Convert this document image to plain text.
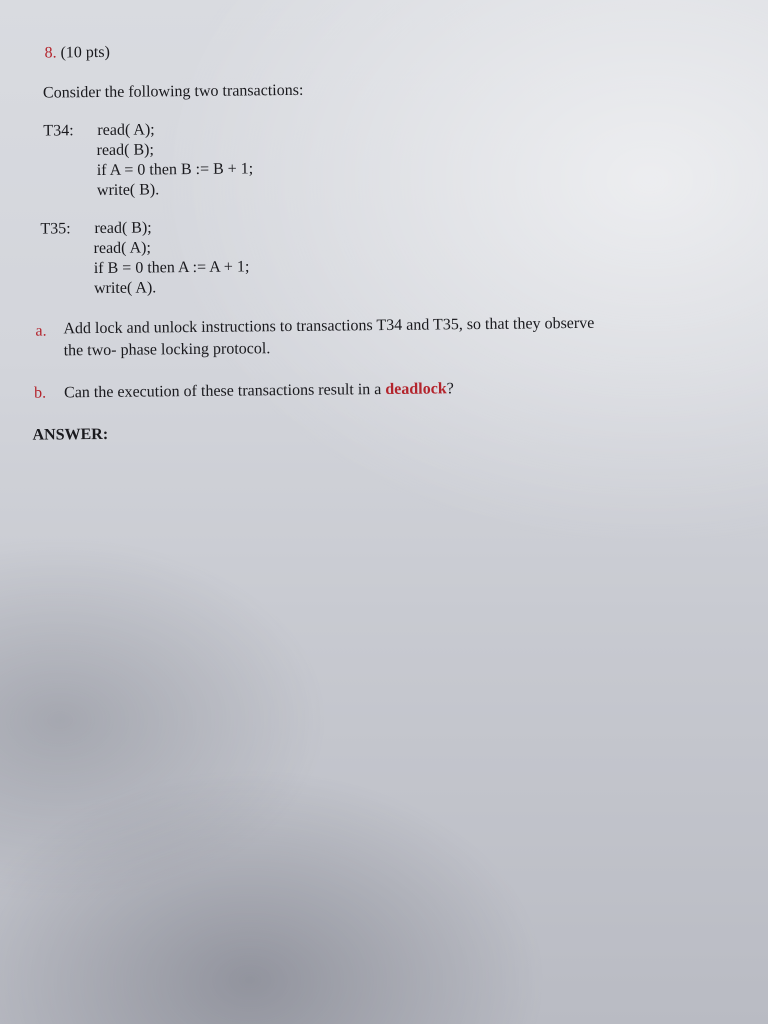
8. (10 pts)
Consider the following two transactions:
T34: read( A);
read( B);
if A = 0 then B := B + 1;
write( B).
T35: read( B);
read( A);
if B = 0 then A := A + 1;
write( A).
a. Add lock and unlock instructions to transactions T34 and T35, so that they observe
the two- phase locking protocol.
b. Can the execution of these transactions result in a deadlock?
ANSWER:
